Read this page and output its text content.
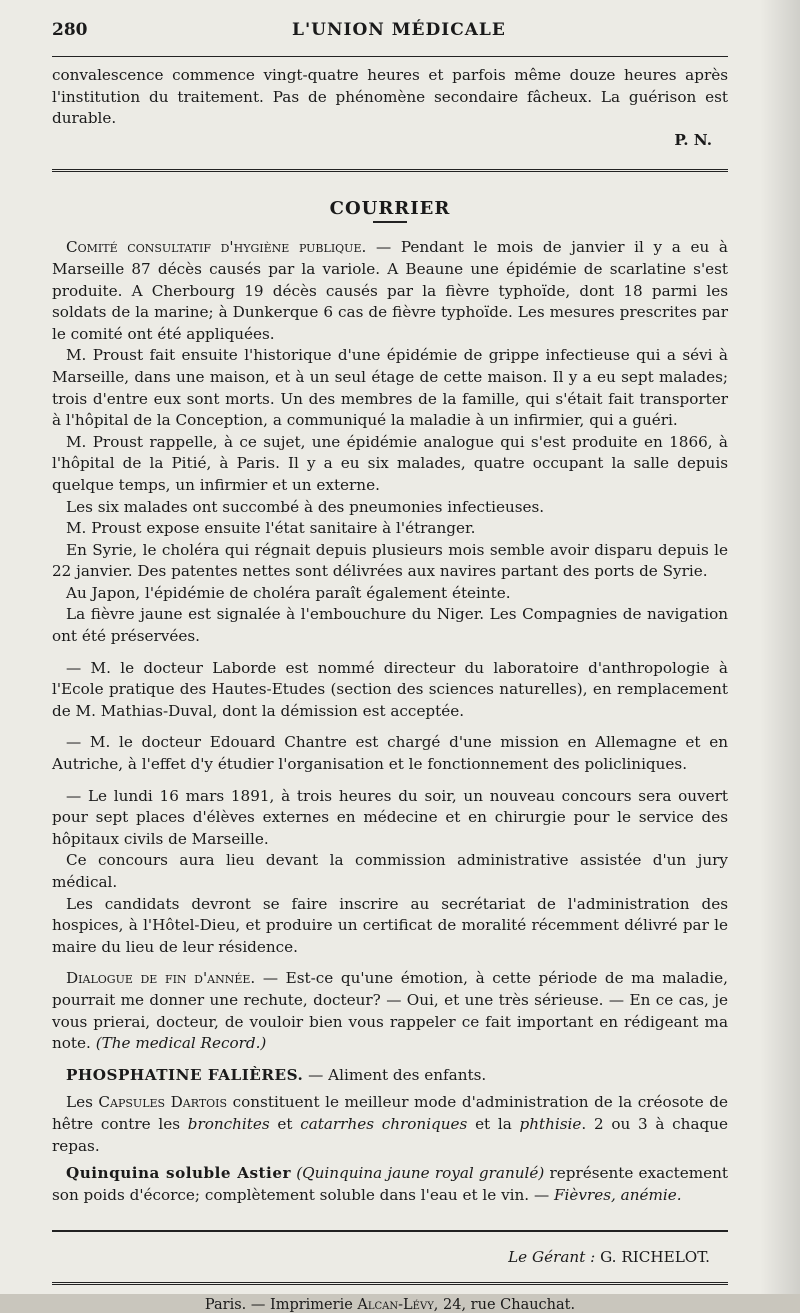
280	L'UNION MÉDICALE

convalescence commence vingt-quatre heures et parfois même douze heures après l'institution du traitement. Pas de phénomène secondaire fâcheux. La guérison est durable.

P. N.

COURRIER

Comité consultatif d'hygiène publique. — Pendant le mois de janvier il y a eu à Marseille 87 décès causés par la variole. A Beaune une épidémie de scarlatine s'est produite. A Cherbourg 19 décès causés par la fièvre typhoïde, dont 18 parmi les soldats de la marine; à Dunkerque 6 cas de fièvre typhoïde. Les mesures prescrites par le comité ont été appliquées.

M. Proust fait ensuite l'historique d'une épidémie de grippe infectieuse qui a sévi à Marseille, dans une maison, et à un seul étage de cette maison. Il y a eu sept malades; trois d'entre eux sont morts. Un des membres de la famille, qui s'était fait transporter à l'hôpital de la Conception, a communiqué la maladie à un infirmier, qui a guéri.

M. Proust rappelle, à ce sujet, une épidémie analogue qui s'est produite en 1866, à l'hôpital de la Pitié, à Paris. Il y a eu six malades, quatre occupant la salle depuis quelque temps, un infirmier et un externe.

Les six malades ont succombé à des pneumonies infectieuses.

M. Proust expose ensuite l'état sanitaire à l'étranger.

En Syrie, le choléra qui régnait depuis plusieurs mois semble avoir disparu depuis le 22 janvier. Des patentes nettes sont délivrées aux navires partant des ports de Syrie.

Au Japon, l'épidémie de choléra paraît également éteinte.

La fièvre jaune est signalée à l'embouchure du Niger. Les Compagnies de navigation ont été préservées.

— M. le docteur Laborde est nommé directeur du laboratoire d'anthropologie à l'Ecole pratique des Hautes-Etudes (section des sciences naturelles), en remplacement de M. Mathias-Duval, dont la démission est acceptée.

— M. le docteur Edouard Chantre est chargé d'une mission en Allemagne et en Autriche, à l'effet d'y étudier l'organisation et le fonctionnement des policliniques.

— Le lundi 16 mars 1891, à trois heures du soir, un nouveau concours sera ouvert pour sept places d'élèves externes en médecine et en chirurgie pour le service des hôpitaux civils de Marseille.

Ce concours aura lieu devant la commission administrative assistée d'un jury médical.

Les candidats devront se faire inscrire au secrétariat de l'administration des hospices, à l'Hôtel-Dieu, et produire un certificat de moralité récemment délivré par le maire du lieu de leur résidence.

Dialogue de fin d'année. — Est-ce qu'une émotion, à cette période de ma maladie, pourrait me donner une rechute, docteur? — Oui, et une très sérieuse. — En ce cas, je vous prierai, docteur, de vouloir bien vous rappeler ce fait important en rédigeant ma note. (The medical Record.)

PHOSPHATINE FALIÈRES. — Aliment des enfants.

Les Capsules Dartois constituent le meilleur mode d'administration de la créosote de hêtre contre les bronchites et catarrhes chroniques et la phthisie. 2 ou 3 à chaque repas.

Quinquina soluble Astier (Quinquina jaune royal granulé) représente exactement son poids d'écorce; complètement soluble dans l'eau et le vin. — Fièvres, anémie.

Le Gérant : G. RICHELOT.
Paris. — Imprimerie Alcan-Lévy, 24, rue Chauchat.
